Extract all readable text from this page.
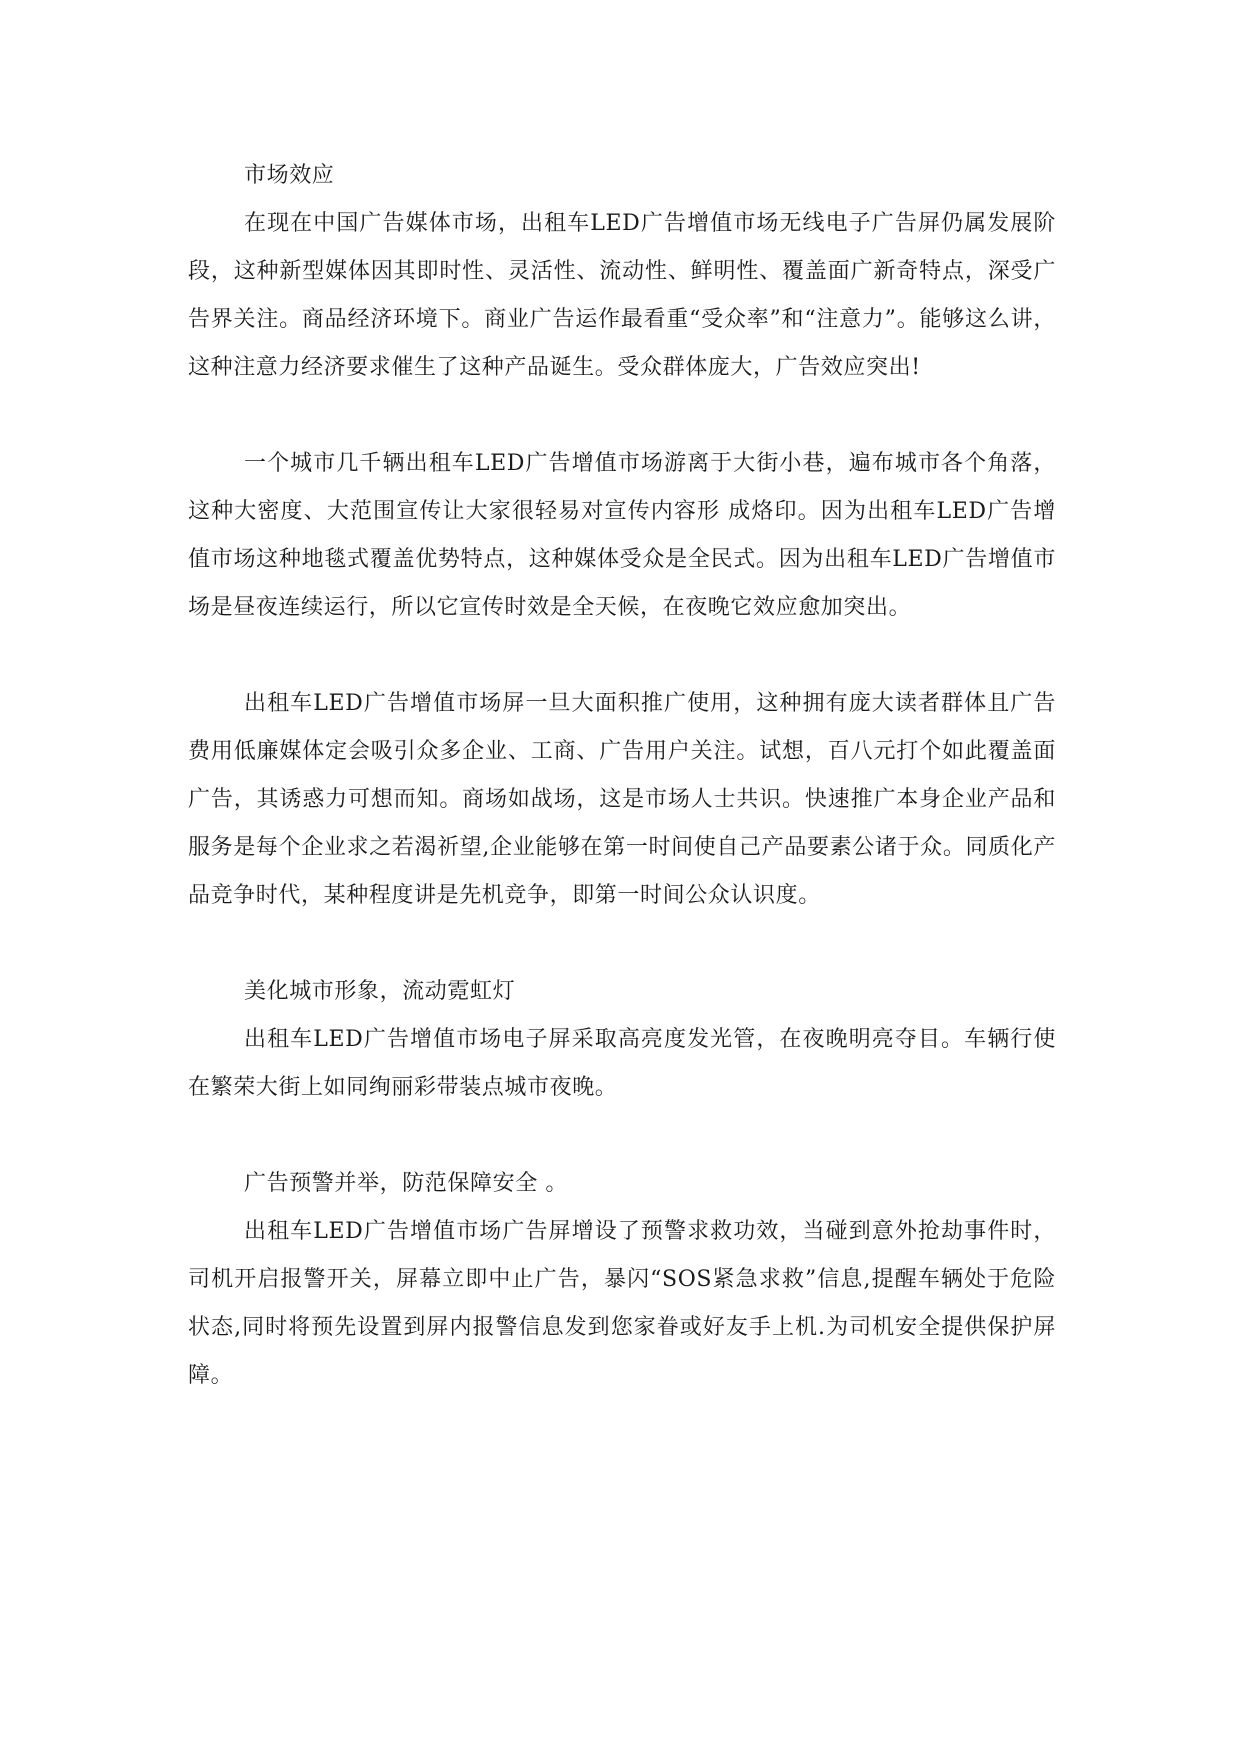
市场效应

在现在中国广告媒体市场，出租车LED广告增值市场无线电子广告屏仍属发展阶段，这种新型媒体因其即时性、灵活性、流动性、鲜明性、覆盖面广新奇特点，深受广告界关注。商品经济环境下。商业广告运作最看重“受众率”和“注意力”。能够这么讲，这种注意力经济要求催生了这种产品诞生。受众群体庞大，广告效应突出!

一个城市几千辆出租车LED广告增值市场游离于大街小巷，遍布城市各个角落，这种大密度、大范围宣传让大家很轻易对宣传内容形 成烙印。因为出租车LED广告增值市场这种地毯式覆盖优势特点，这种媒体受众是全民式。因为出租车LED广告增值市场是昼夜连续运行，所以它宣传时效是全天候，在夜晚它效应愈加突出。

出租车LED广告增值市场屏一旦大面积推广使用，这种拥有庞大读者群体且广告费用低廉媒体定会吸引众多企业、工商、广告用户关注。试想，百八元打个如此覆盖面广告，其诱惑力可想而知。商场如战场，这是市场人士共识。快速推广本身企业产品和服务是每个企业求之若渴祈望,企业能够在第一时间使自己产品要素公诸于众。同质化产品竞争时代，某种程度讲是先机竞争，即第一时间公众认识度。

美化城市形象，流动霓虹灯

出租车LED广告增值市场电子屏采取高亮度发光管，在夜晚明亮夺目。车辆行使在繁荣大街上如同绚丽彩带装点城市夜晚。

广告预警并举，防范保障安全 。

出租车LED广告增值市场广告屏增设了预警求救功效，当碰到意外抢劫事件时，司机开启报警开关，屏幕立即中止广告，暴闪“SOS紧急求救”信息,提醒车辆处于危险状态,同时将预先设置到屏内报警信息发到您家眷或好友手上机.为司机安全提供保护屏障。
